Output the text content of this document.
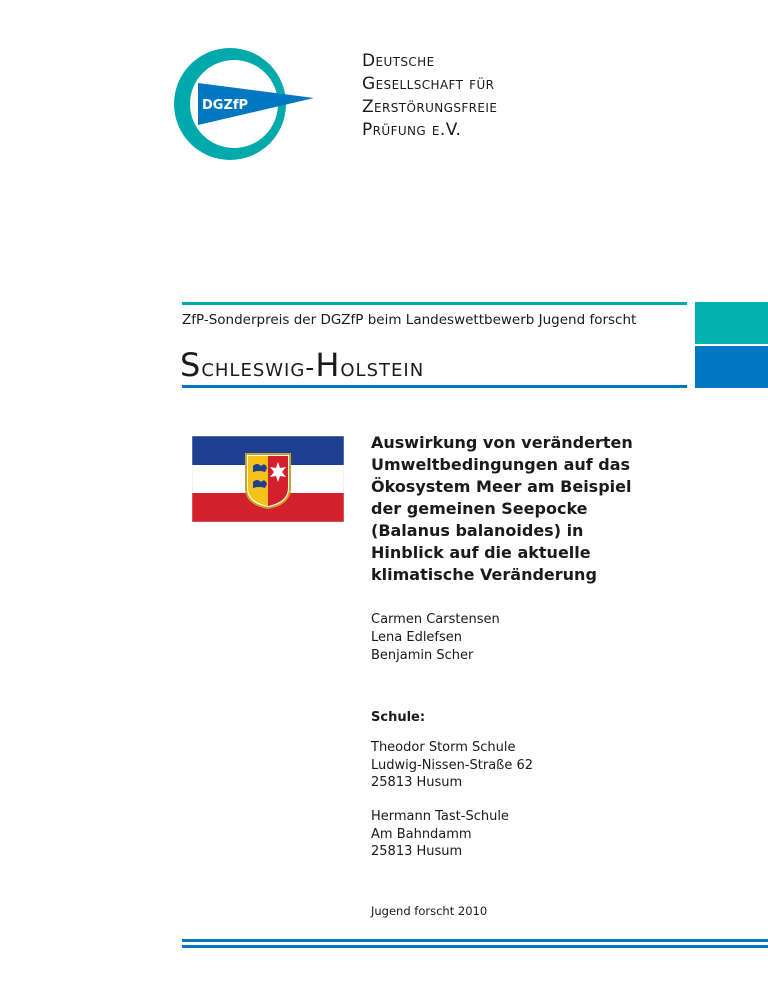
DGZfP
Deutsche
Gesellschaft für
Zerstörungsfreie
Prüfung e.V.
ZfP-Sonderpreis der DGZfP beim Landeswettbewerb Jugend forscht
Schleswig-Holstein
Auswirkung von veränderten
Umweltbedingungen auf das
Ökosystem Meer am Beispiel
der gemeinen Seepocke
(Balanus balanoides) in
Hinblick auf die aktuelle
klimatische Veränderung
Carmen Carstensen
Lena Edlefsen
Benjamin Scher
Schule:
Theodor Storm Schule
Ludwig-Nissen-Straße 62
25813 Husum
Hermann Tast-Schule
Am Bahndamm
25813 Husum
Jugend forscht 2010
